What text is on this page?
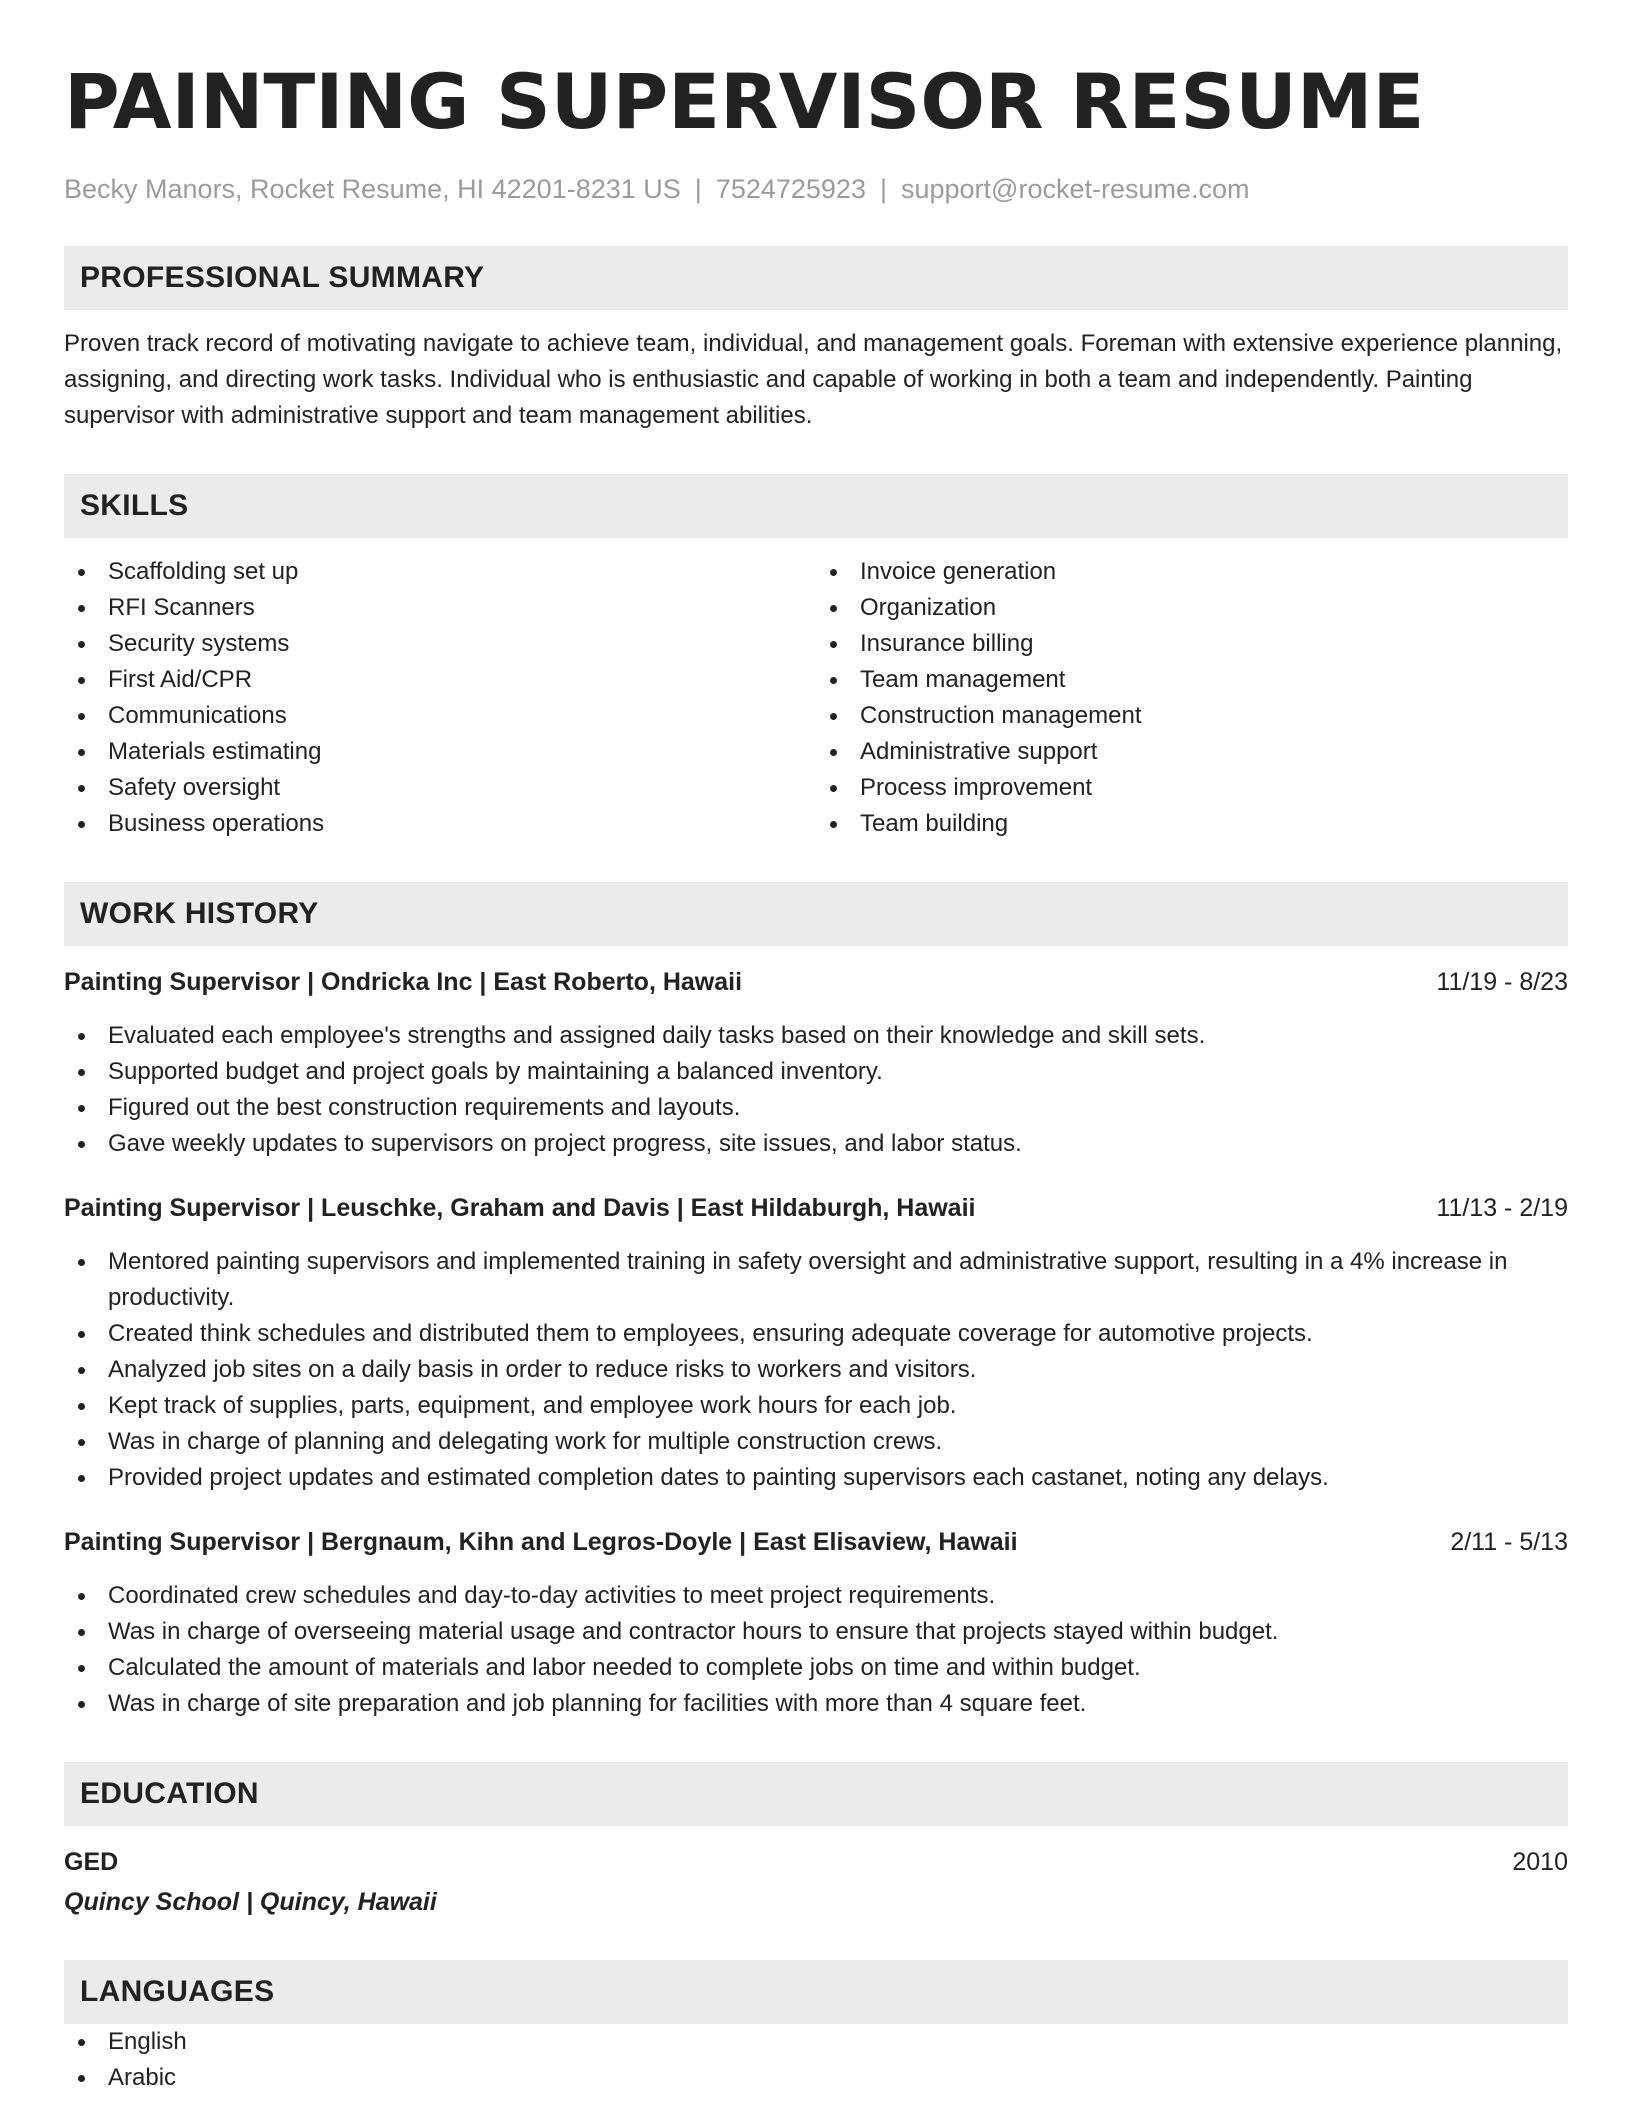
PAINTING SUPERVISOR RESUME
Becky Manors, Rocket Resume, HI 42201-8231 US | 7524725923 | support@rocket-resume.com
PROFESSIONAL SUMMARY
Proven track record of motivating navigate to achieve team, individual, and management goals. Foreman with extensive experience planning, assigning, and directing work tasks. Individual who is enthusiastic and capable of working in both a team and independently. Painting supervisor with administrative support and team management abilities.
SKILLS
Scaffolding set up
RFI Scanners
Security systems
First Aid/CPR
Communications
Materials estimating
Safety oversight
Business operations
Invoice generation
Organization
Insurance billing
Team management
Construction management
Administrative support
Process improvement
Team building
WORK HISTORY
Painting Supervisor | Ondricka Inc | East Roberto, Hawaii	11/19 - 8/23
Evaluated each employee's strengths and assigned daily tasks based on their knowledge and skill sets.
Supported budget and project goals by maintaining a balanced inventory.
Figured out the best construction requirements and layouts.
Gave weekly updates to supervisors on project progress, site issues, and labor status.
Painting Supervisor | Leuschke, Graham and Davis | East Hildaburgh, Hawaii	11/13 - 2/19
Mentored painting supervisors and implemented training in safety oversight and administrative support, resulting in a 4% increase in productivity.
Created think schedules and distributed them to employees, ensuring adequate coverage for automotive projects.
Analyzed job sites on a daily basis in order to reduce risks to workers and visitors.
Kept track of supplies, parts, equipment, and employee work hours for each job.
Was in charge of planning and delegating work for multiple construction crews.
Provided project updates and estimated completion dates to painting supervisors each castanet, noting any delays.
Painting Supervisor | Bergnaum, Kihn and Legros-Doyle | East Elisaview, Hawaii	2/11 - 5/13
Coordinated crew schedules and day-to-day activities to meet project requirements.
Was in charge of overseeing material usage and contractor hours to ensure that projects stayed within budget.
Calculated the amount of materials and labor needed to complete jobs on time and within budget.
Was in charge of site preparation and job planning for facilities with more than 4 square feet.
EDUCATION
GED	2010
Quincy School | Quincy, Hawaii
LANGUAGES
English
Arabic
